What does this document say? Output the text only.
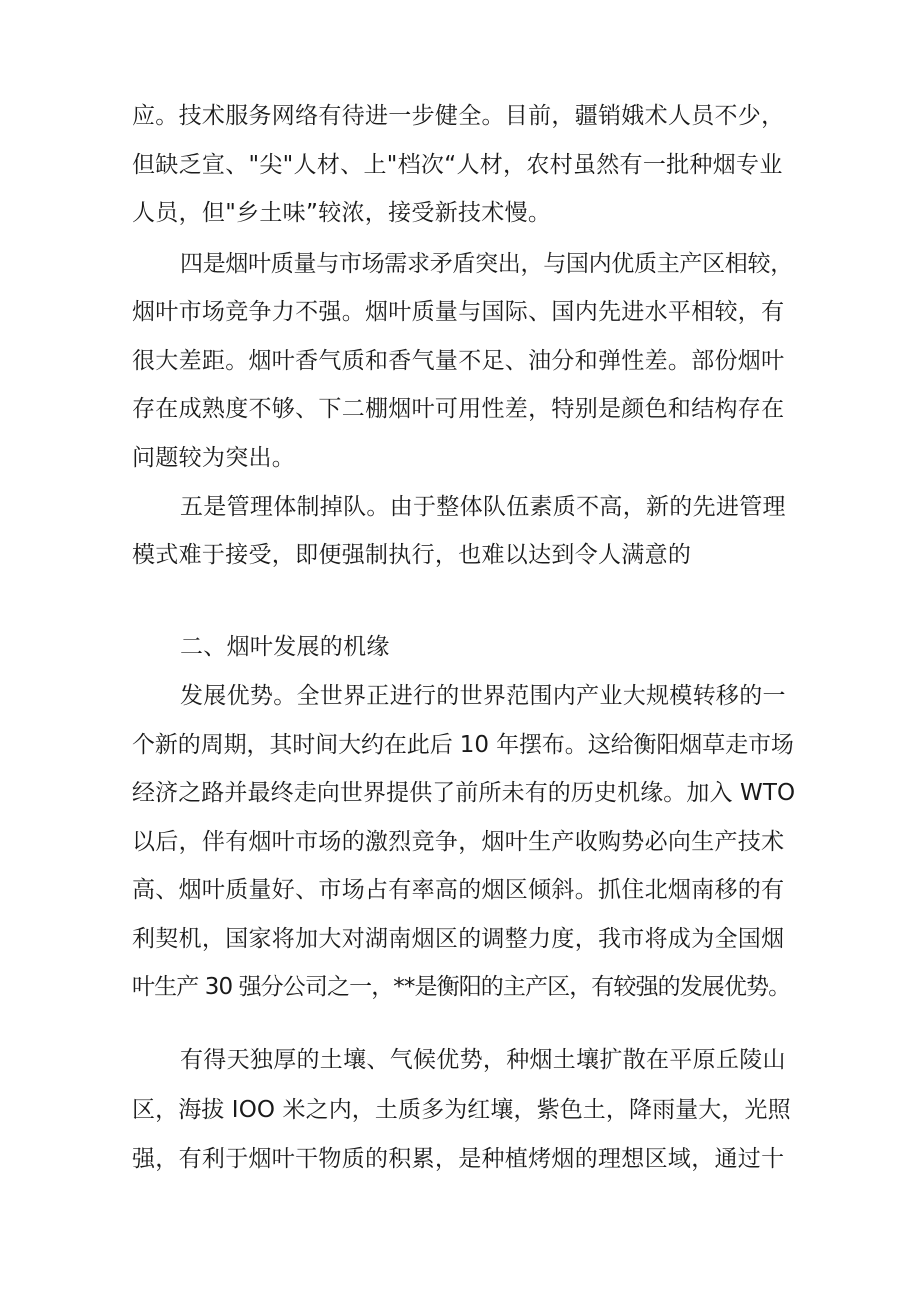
应。技术服务网络有待进一步健全。目前，疆销娥术人员不少，
但缺乏宣、"尖"人材、上"档次“人材，农村虽然有一批种烟专业
人员，但"乡土味”较浓，接受新技术慢。
四是烟叶质量与市场需求矛盾突出，与国内优质主产区相较，
烟叶市场竞争力不强。烟叶质量与国际、国内先进水平相较，有
很大差距。烟叶香气质和香气量不足、油分和弹性差。部份烟叶
存在成熟度不够、下二棚烟叶可用性差，特别是颜色和结构存在
问题较为突出。
五是管理体制掉队。由于整体队伍素质不高，新的先进管理
模式难于接受，即便强制执行，也难以达到令人满意的
二、烟叶发展的机缘
发展优势。全世界正进行的世界范围内产业大规模转移的一
个新的周期，其时间大约在此后 10 年摆布。这给衡阳烟草走市场
经济之路并最终走向世界提供了前所未有的历史机缘。加入 WTO
以后，伴有烟叶市场的激烈竞争，烟叶生产收购势必向生产技术
高、烟叶质量好、市场占有率高的烟区倾斜。抓住北烟南移的有
利契机，国家将加大对湖南烟区的调整力度，我市将成为全国烟
叶生产 30 强分公司之一，**是衡阳的主产区，有较强的发展优势。
有得天独厚的土壤、气候优势，种烟土壤扩散在平原丘陵山
区，海拔 IOO 米之内，土质多为红壤，紫色土，降雨量大，光照
强，有利于烟叶干物质的积累，是种植烤烟的理想区域，通过十
